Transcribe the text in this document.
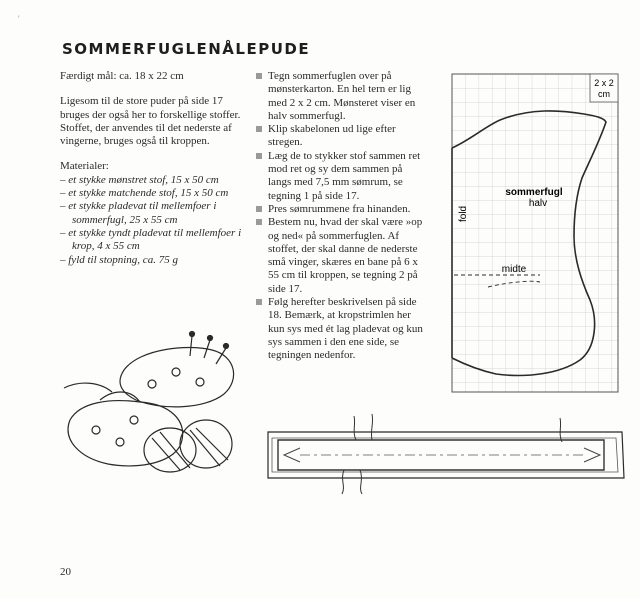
'
SOMMERFUGLENÅLEPUDE

Færdigt mål: ca. 18 x 22 cm

Ligesom til de store puder på side 17 bruges der også her to forskellige stoffer. Stoffet, der anvendes til det nederste af vingerne, bruges også til kroppen.

Materialer:

– et stykke mønstret stof, 15 x 50 cm
– et stykke matchende stof, 15 x 50 cm
– et stykke pladevat til mellemfoer i sommerfugl, 25 x 55 cm
– et stykke tyndt pladevat til mellemfoer i krop, 4 x 55 cm
– fyld til stopning, ca. 75 g
Tegn sommerfuglen over på mønsterkarton. En hel tern er lig med 2 x 2 cm. Mønsteret viser en halv sommerfugl.
Klip skabelonen ud lige efter stregen.
Læg de to stykker stof sammen ret mod ret og sy dem sammen på langs med 7,5 mm sømrum, se tegning 1 på side 17.
Pres sømrummene fra hinanden.
Bestem nu, hvad der skal være »op og ned« på sommerfuglen. Af stoffet, der skal danne de nederste små vinger, skæres en bane på 6 x 55 cm til kroppen, se tegning 2 på side 17.
Følg herefter beskrivelsen på side 18. Bemærk, at kropstrimlen her kun sys med ét lag pladevat og kun sys sammen i den ene side, se tegningen nedenfor.
2 x 2
cm
sommerfugl
halv
fold
midte
20
